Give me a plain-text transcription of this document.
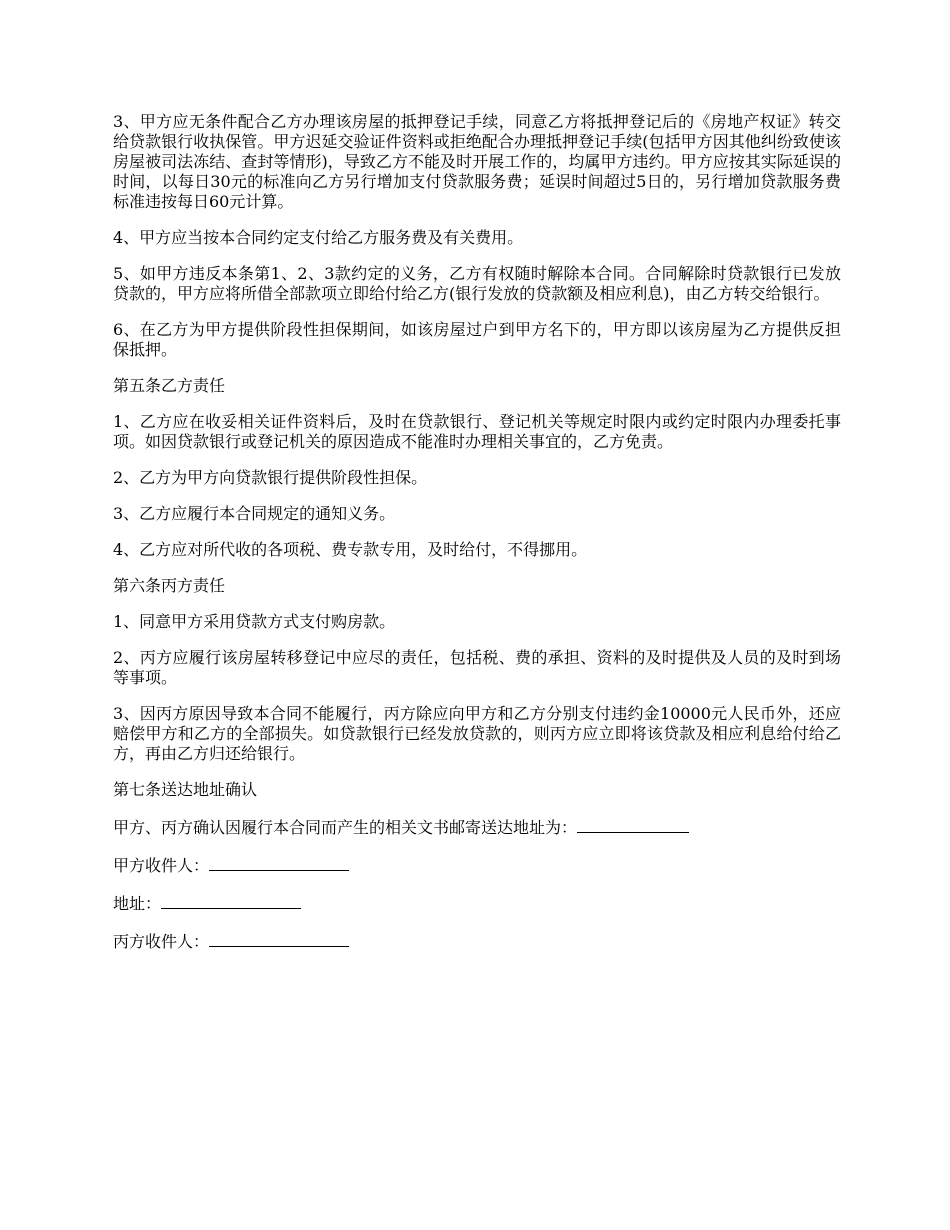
3、甲方应无条件配合乙方办理该房屋的抵押登记手续，同意乙方将抵押登记后的《房地产权证》转交给贷款银行收执保管。甲方迟延交验证件资料或拒绝配合办理抵押登记手续(包括甲方因其他纠纷致使该房屋被司法冻结、查封等情形)，导致乙方不能及时开展工作的，均属甲方违约。甲方应按其实际延误的时间，以每日30元的标准向乙方另行增加支付贷款服务费；延误时间超过5日的，另行增加贷款服务费标准违按每日60元计算。

4、甲方应当按本合同约定支付给乙方服务费及有关费用。

5、如甲方违反本条第1、2、3款约定的义务，乙方有权随时解除本合同。合同解除时贷款银行已发放贷款的，甲方应将所借全部款项立即给付给乙方(银行发放的贷款额及相应利息)，由乙方转交给银行。

6、在乙方为甲方提供阶段性担保期间，如该房屋过户到甲方名下的，甲方即以该房屋为乙方提供反担保抵押。

第五条乙方责任

1、乙方应在收妥相关证件资料后，及时在贷款银行、登记机关等规定时限内或约定时限内办理委托事项。如因贷款银行或登记机关的原因造成不能准时办理相关事宜的，乙方免责。

2、乙方为甲方向贷款银行提供阶段性担保。

3、乙方应履行本合同规定的通知义务。

4、乙方应对所代收的各项税、费专款专用，及时给付，不得挪用。

第六条丙方责任

1、同意甲方采用贷款方式支付购房款。

2、丙方应履行该房屋转移登记中应尽的责任，包括税、费的承担、资料的及时提供及人员的及时到场等事项。

3、因丙方原因导致本合同不能履行，丙方除应向甲方和乙方分别支付违约金10000元人民币外，还应赔偿甲方和乙方的全部损失。如贷款银行已经发放贷款的，则丙方应立即将该贷款及相应利息给付给乙方，再由乙方归还给银行。

第七条送达地址确认

甲方、丙方确认因履行本合同而产生的相关文书邮寄送达地址为：
甲方收件人：
地址：
丙方收件人：
